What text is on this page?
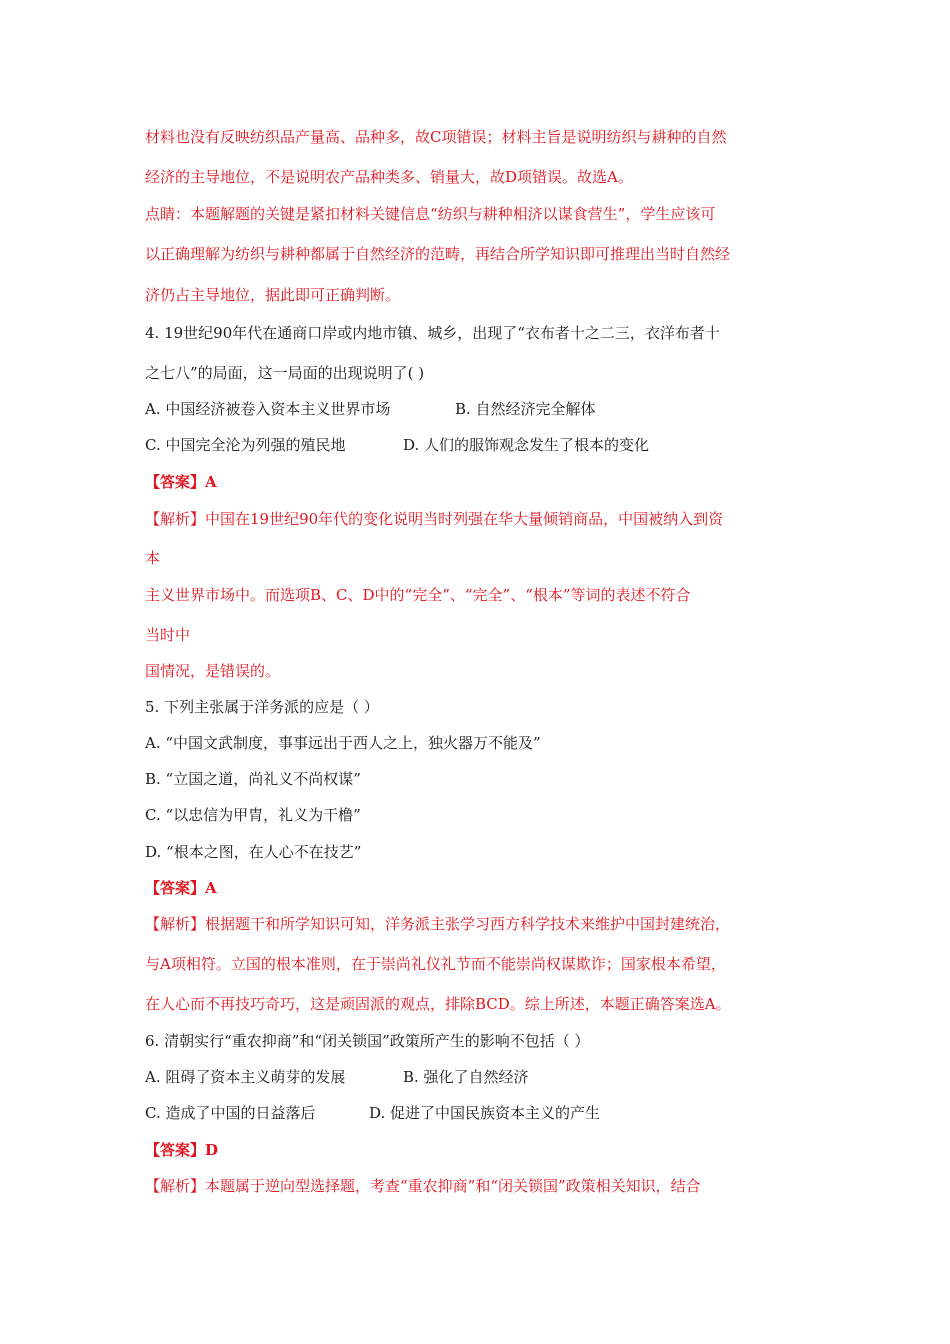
材料也没有反映纺织品产量高、品种多，故C项错误；材料主旨是说明纺织与耕种的自然
经济的主导地位，不是说明农产品种类多、销量大，故D项错误。故选A。
点睛：本题解题的关键是紧扣材料关键信息“纺织与耕种相济以谋食营生”，学生应该可
以正确理解为纺织与耕种都属于自然经济的范畴，再结合所学知识即可推理出当时自然经
济仍占主导地位，据此即可正确判断。
4. 19世纪90年代在通商口岸或内地市镇、城乡，出现了“衣布者十之二三，衣洋布者十
之七八”的局面，这一局面的出现说明了( )
A. 中国经济被卷入资本主义世界市场	B. 自然经济完全解体
C. 中国完全沦为列强的殖民地	D. 人们的服饰观念发生了根本的变化
【答案】A
【解析】中国在19世纪90年代的变化说明当时列强在华大量倾销商品，中国被纳入到资
本
主义世界市场中。而选项B、C、D中的“完全”、“完全”、“根本”等词的表述不符合
当时中
国情况，是错误的。
5. 下列主张属于洋务派的应是（ ）
A. “中国文武制度，事事远出于西人之上，独火器万不能及”
B. “立国之道，尚礼义不尚权谋”
C. “以忠信为甲胄，礼义为干橹”
D. “根本之图，在人心不在技艺”
【答案】A
【解析】根据题干和所学知识可知，洋务派主张学习西方科学技术来维护中国封建统治，
与A项相符。立国的根本准则，在于崇尚礼仪礼节而不能崇尚权谋欺诈；国家根本希望，
在人心而不再技巧奇巧，这是顽固派的观点，排除BCD。综上所述，本题正确答案选A。
6. 清朝实行“重农抑商”和“闭关锁国”政策所产生的影响不包括（ ）
A. 阻碍了资本主义萌芽的发展	B. 强化了自然经济
C. 造成了中国的日益落后	D. 促进了中国民族资本主义的产生
【答案】D
【解析】本题属于逆向型选择题，考查“重农抑商”和“闭关锁国”政策相关知识，结合
